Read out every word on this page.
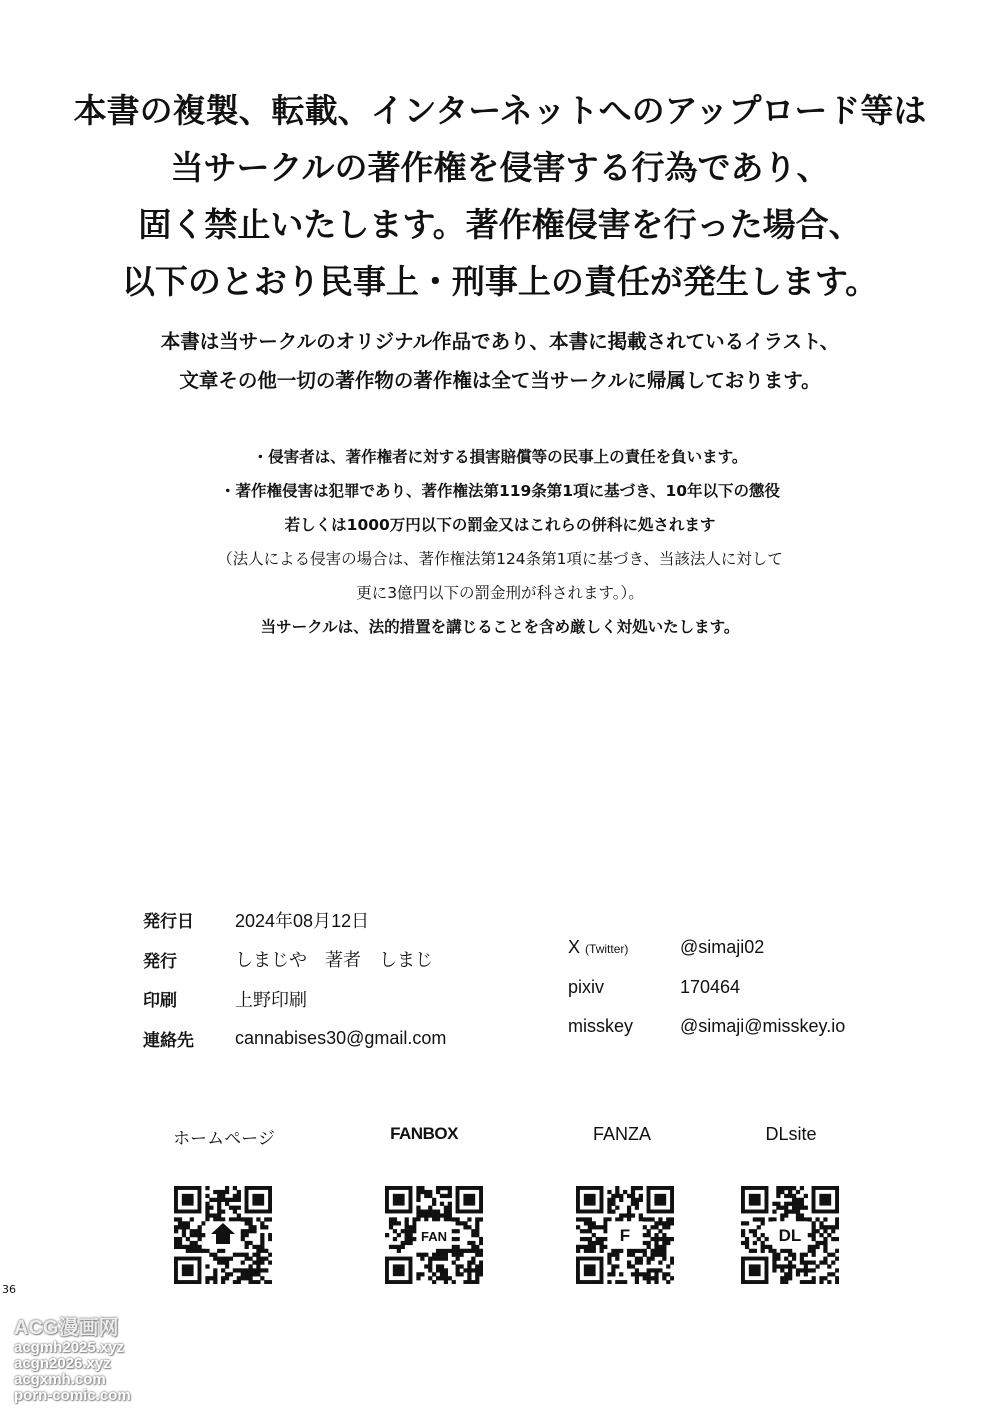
本書の複製、転載、インターネットへのアップロード等は
当サークルの著作権を侵害する行為であり、
固く禁止いたします。著作権侵害を行った場合、
以下のとおり民事上・刑事上の責任が発生します。
本書は当サークルのオリジナル作品であり、本書に掲載されているイラスト、
文章その他一切の著作物の著作権は全て当サークルに帰属しております。
・侵害者は、著作権者に対する損害賠償等の民事上の責任を負います。
・著作権侵害は犯罪であり、著作権法第119条第1項に基づき、10年以下の懲役
若しくは1000万円以下の罰金又はこれらの併科に処されます
（法人による侵害の場合は、著作権法第124条第1項に基づき、当該法人に対して
更に3億円以下の罰金刑が科されます。）。
当サークルは、法的措置を講じることを含め厳しく対処いたします。
発行日	2024年08月12日
発行	しまじや　著者　しまじ
印刷	上野印刷
連絡先	cannabises30@gmail.com
X (Twitter)	@simaji02
pixiv	170464
misskey	@simaji@misskey.io
ホームページ	FANBOX	FANZA	DLsite
FAN	F	DL
36
ACG漫画网
acgmh2025.xyz
acgn2026.xyz
acgxmh.com
porn-comic.com
